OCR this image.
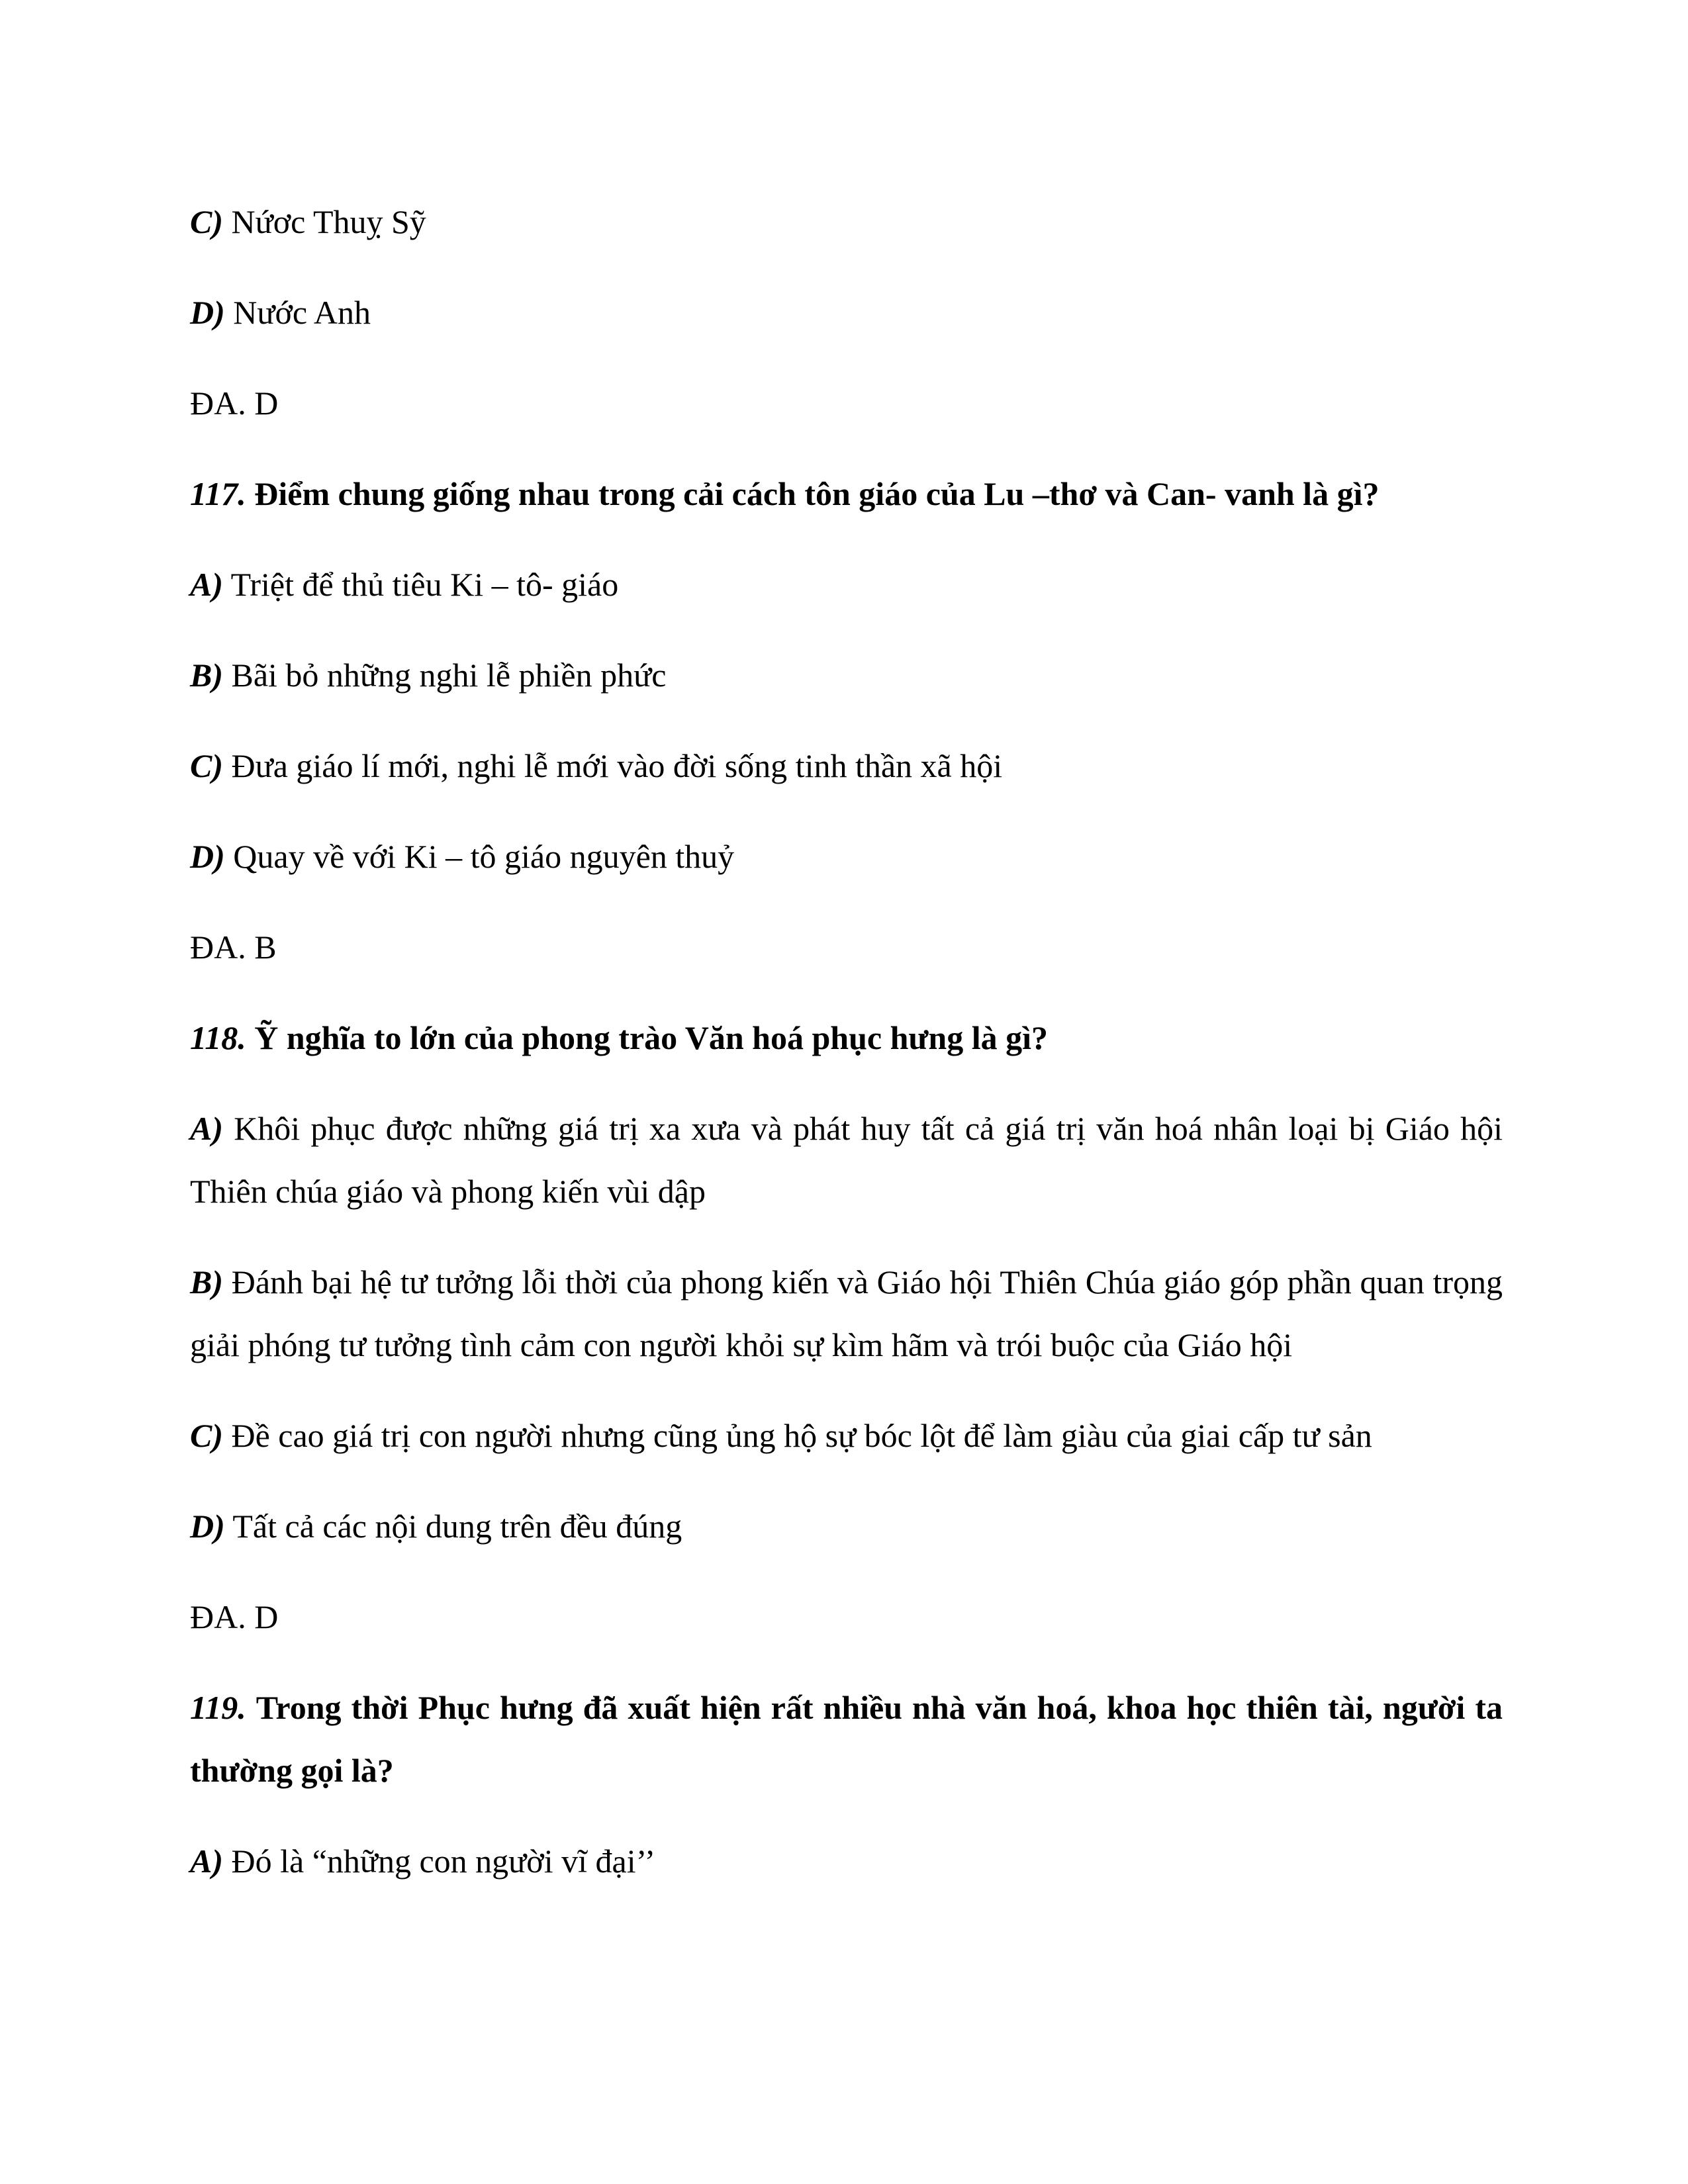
C) Nứơc Thuỵ Sỹ

D) Nước Anh

ĐA. D

117. Điểm chung giống nhau trong cải cách tôn giáo của Lu –thơ và Can- vanh là gì?

A) Triệt để thủ tiêu Ki – tô- giáo

B) Bãi bỏ những nghi lễ phiền phức

C) Đưa giáo lí mới, nghi lễ mới vào đời sống tinh thần xã hội

D) Quay về với Ki – tô giáo nguyên thuỷ

ĐA. B

118. Ỹ nghĩa to lớn của phong trào Văn hoá phục hưng là gì?

A) Khôi phục được những giá trị xa xưa và phát huy tất cả giá trị văn hoá nhân loại bị Giáo hội Thiên chúa giáo và phong kiến vùi dập

B) Đánh bại hệ tư tưởng lỗi thời của phong kiến và Giáo hội Thiên Chúa giáo góp phần quan trọng giải phóng tư tưởng tình cảm con người khỏi sự kìm hãm và trói buộc của Giáo hội

C) Đề cao giá trị con người nhưng cũng ủng hộ sự bóc lột để làm giàu của giai cấp tư sản

D) Tất cả các nội dung trên đều đúng

ĐA. D

119. Trong thời Phục hưng đã xuất hiện rất nhiều nhà văn hoá, khoa học thiên tài, người ta thường gọi là?

A) Đó là “những con người vĩ đại’’
